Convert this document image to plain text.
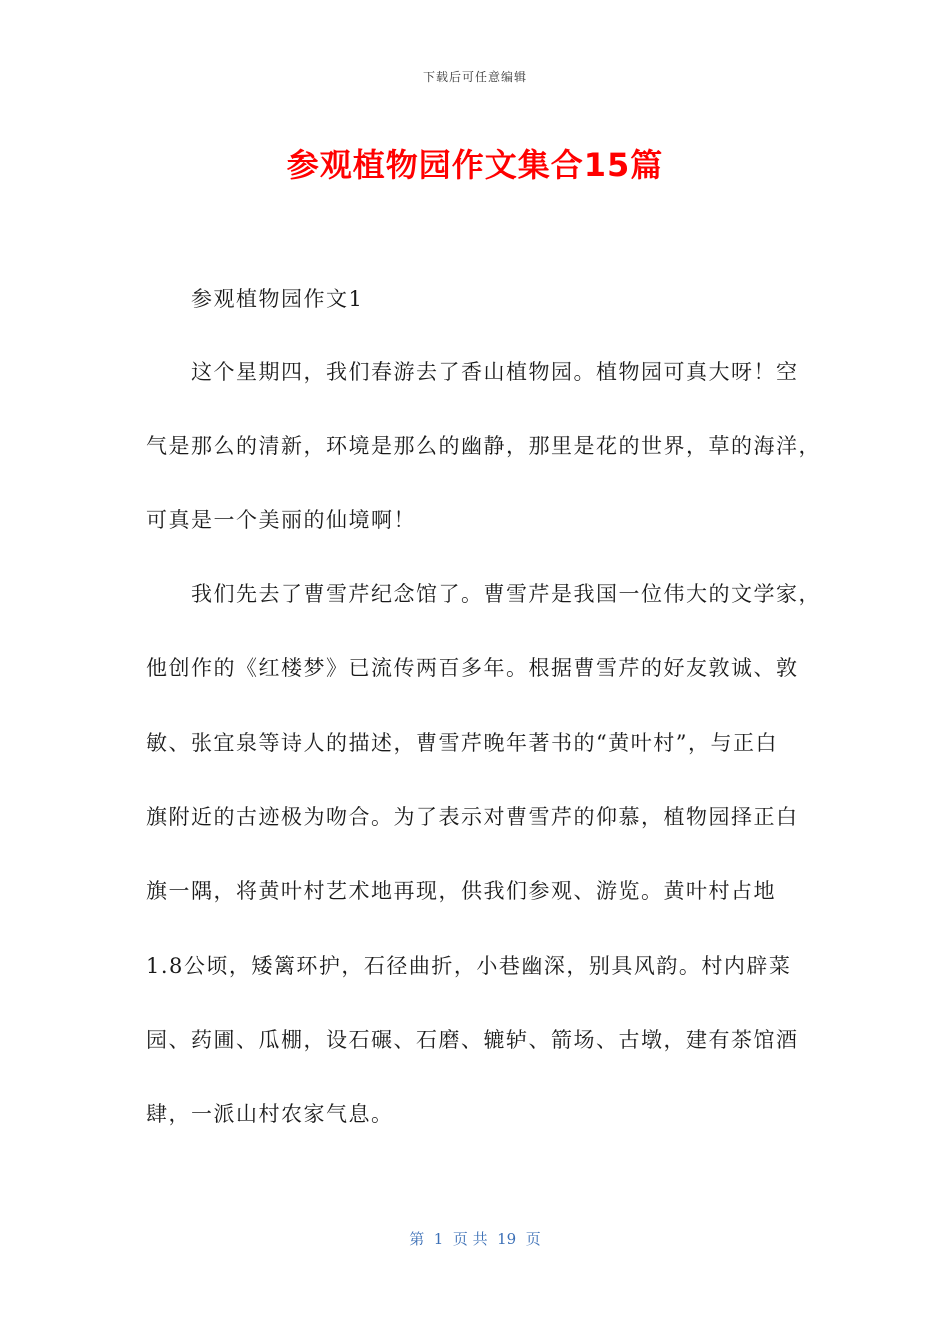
下载后可任意编辑
参观植物园作文集合15篇
　　参观植物园作文1
　　这个星期四，我们春游去了香山植物园。植物园可真大呀！空
气是那么的清新，环境是那么的幽静，那里是花的世界，草的海洋，
可真是一个美丽的仙境啊！
　　我们先去了曹雪芹纪念馆了。曹雪芹是我国一位伟大的文学家，
他创作的《红楼梦》已流传两百多年。根据曹雪芹的好友敦诚、敦
敏、张宜泉等诗人的描述，曹雪芹晚年著书的“黄叶村”，与正白
旗附近的古迹极为吻合。为了表示对曹雪芹的仰慕，植物园择正白
旗一隅，将黄叶村艺术地再现，供我们参观、游览。黄叶村占地
1.8公顷，矮篱环护，石径曲折，小巷幽深，别具风韵。村内辟菜
园、药圃、瓜棚，设石碾、石磨、辘轳、箭场、古墩，建有茶馆酒
肆，一派山村农家气息。
第  1  页 共  19  页
